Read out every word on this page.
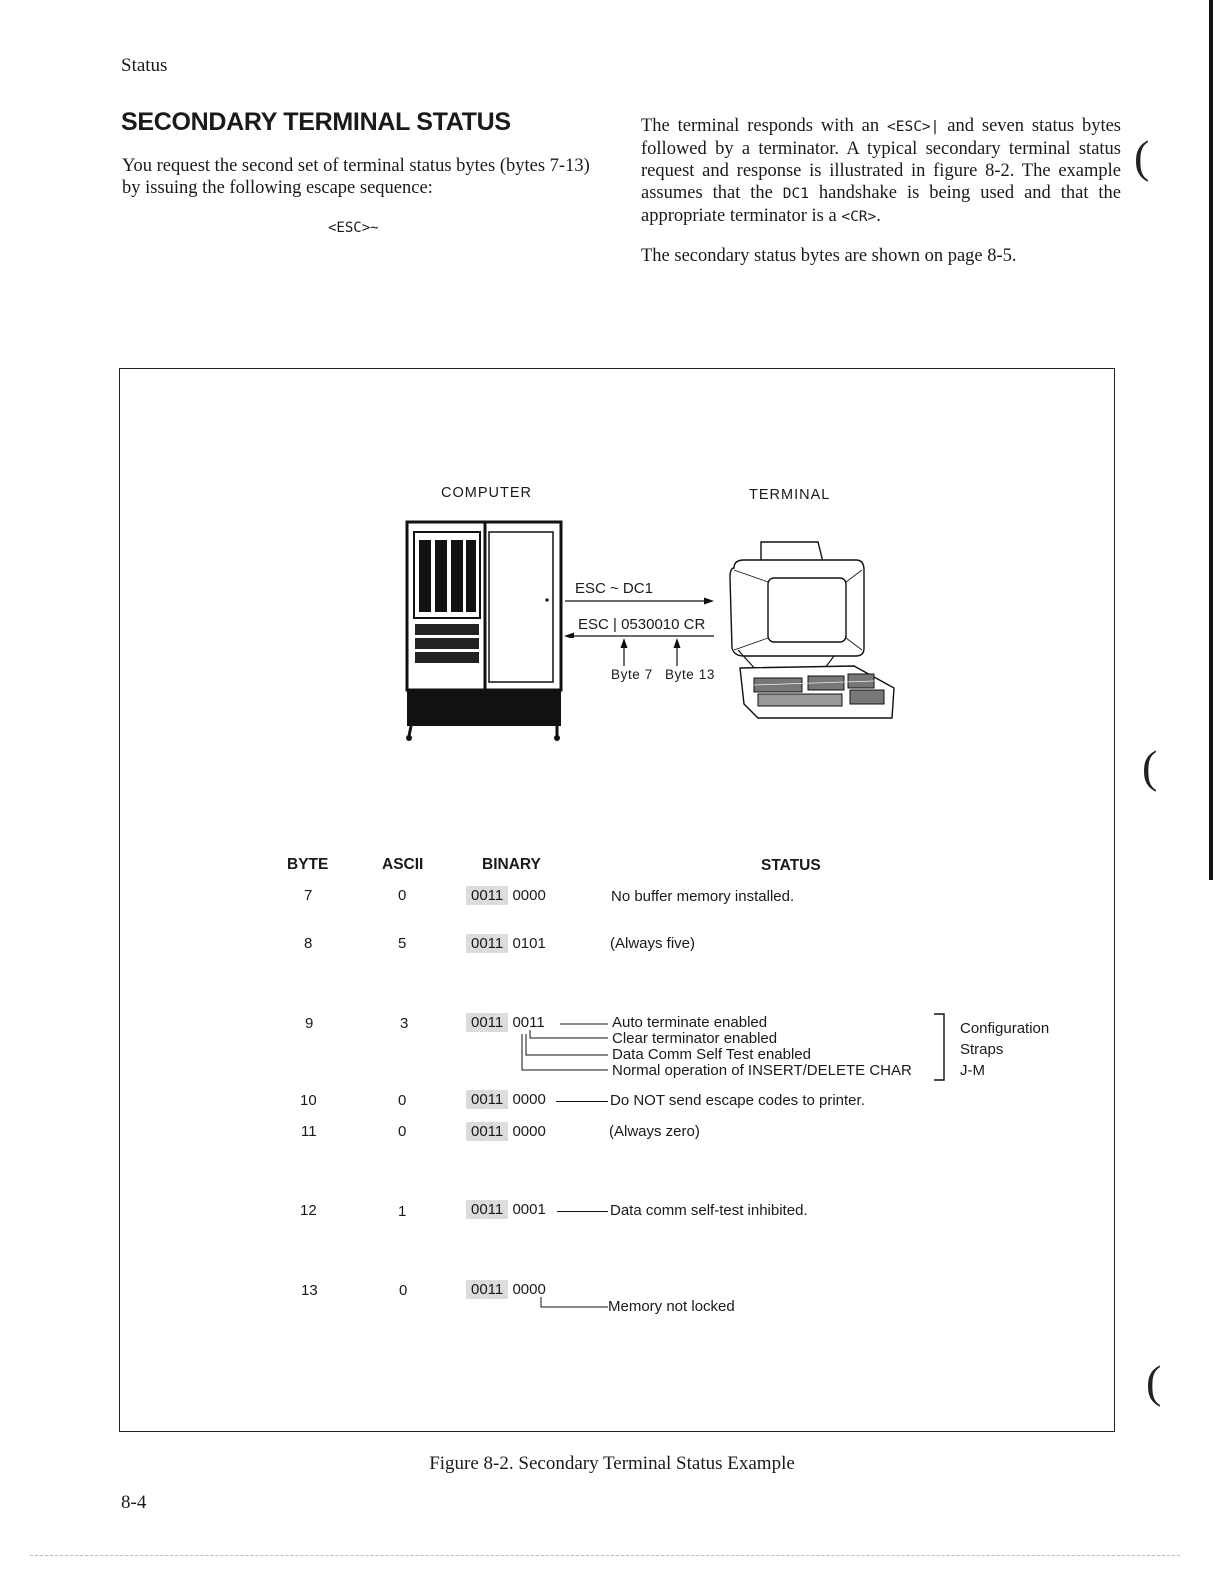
Status
SECONDARY TERMINAL STATUS
You request the second set of terminal status bytes (bytes 7-13) by issuing the following escape sequence:
<ESC>~

The terminal responds with an <ESC>| and seven status bytes followed by a terminator. A typical secondary terminal status request and response is illustrated in figure 8-2. The example assumes that the DC1 handshake is being used and that the appropriate terminator is a <CR>.

The secondary status bytes are shown on page 8-5.

COMPUTER	TERMINAL
ESC ~ DC1
ESC | 0530010 CR
Byte 7 Byte 13
BYTE	ASCII	BINARY	STATUS
7	0	0011 0000	No buffer memory installed.
8	5	0011 0101	(Always five)
9	3	0011 0011	Auto terminate enabled
Clear terminator enabled
Data Comm Self Test enabled
Normal operation of INSERT/DELETE CHAR
Configuration
Straps
J-M
10	0	0011 0000	Do NOT send escape codes to printer.
11	0	0011 0000	(Always zero)
12	1	0011 0001	Data comm self-test inhibited.
13	0	0011 0000
Memory not locked
Figure 8-2. Secondary Terminal Status Example
8-4
(
(
(
